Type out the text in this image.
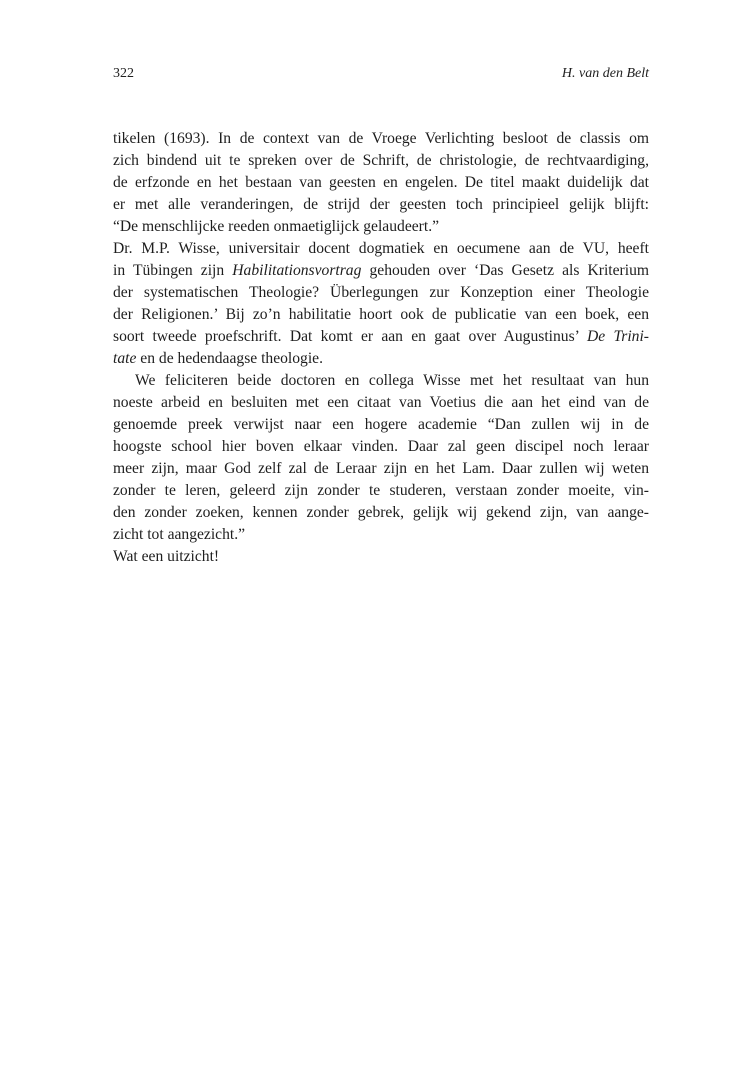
322	H. van den Belt
tikelen (1693). In de context van de Vroege Verlichting besloot de classis om
zich bindend uit te spreken over de Schrift, de christologie, de rechtvaardiging,
de erfzonde en het bestaan van geesten en engelen. De titel maakt duidelijk dat
er met alle veranderingen, de strijd der geesten toch principieel gelijk blijft:
“De menschlijcke reeden onmaetiglijck gelaudeert.”
Dr. M.P. Wisse, universitair docent dogmatiek en oecumene aan de VU, heeft
in Tübingen zijn Habilitationsvortrag gehouden over ‘Das Gesetz als Kriterium
der systematischen Theologie? Überlegungen zur Konzeption einer Theologie
der Religionen.’ Bij zo’n habilitatie hoort ook de publicatie van een boek, een
soort tweede proefschrift. Dat komt er aan en gaat over Augustinus’ De Trini-
tate en de hedendaagse theologie.
We feliciteren beide doctoren en collega Wisse met het resultaat van hun
noeste arbeid en besluiten met een citaat van Voetius die aan het eind van de
genoemde preek verwijst naar een hogere academie “Dan zullen wij in de
hoogste school hier boven elkaar vinden. Daar zal geen discipel noch leraar
meer zijn, maar God zelf zal de Leraar zijn en het Lam. Daar zullen wij weten
zonder te leren, geleerd zijn zonder te studeren, verstaan zonder moeite, vin-
den zonder zoeken, kennen zonder gebrek, gelijk wij gekend zijn, van aange-
zicht tot aangezicht.”
Wat een uitzicht!
